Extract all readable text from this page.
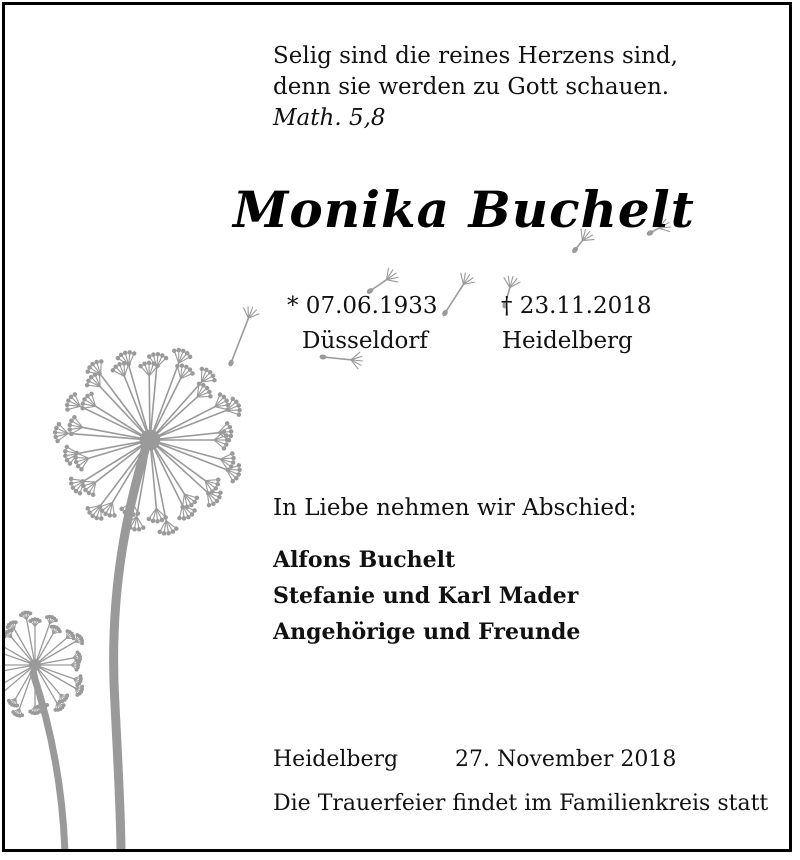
Selig sind die reines Herzens sind,
denn sie werden zu Gott schauen.
Math. 5,8
Monika Buchelt
* 07.06.1933	† 23.11.2018
Düsseldorf	Heidelberg
In Liebe nehmen wir Abschied:
Alfons Buchelt
Stefanie und Karl Mader
Angehörige und Freunde
Heidelberg	27. November 2018
Die Trauerfeier findet im Familienkreis statt
